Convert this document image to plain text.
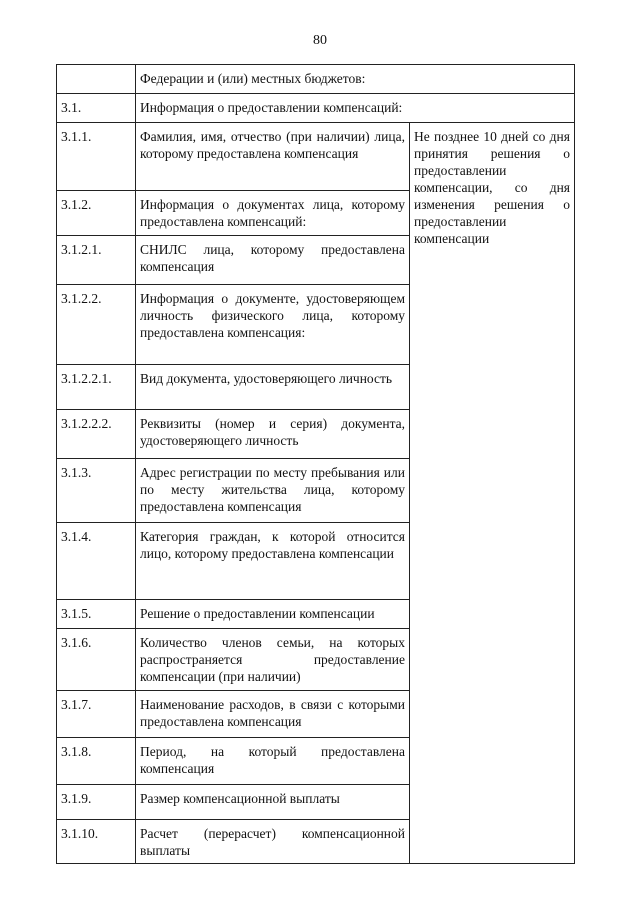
80
	Федерации и (или) местных бюджетов:	
3.1.	Информация о предоставлении компенсаций:	
3.1.1.	Фамилия, имя, отчество (при наличии) лица, которому предоставлена компенсация	Не позднее 10 дней со дня принятия решения о предоставлении компенсации, со дня изменения решения о предоставлении компенсации
3.1.2.	Информация о документах лица, которому предоставлена компенсаций:	
3.1.2.1.	СНИЛС лица, которому предоставлена компенсация	
3.1.2.2.	Информация о документе, удостоверяющем личность физического лица, которому предоставлена компенсация:	
3.1.2.2.1.	Вид документа, удостоверяющего личность	
3.1.2.2.2.	Реквизиты (номер и серия) документа, удостоверяющего личность	
3.1.3.	Адрес регистрации по месту пребывания или по месту жительства лица, которому предоставлена компенсация	
3.1.4.	Категория граждан, к которой относится лицо, которому предоставлена компенсации	
3.1.5.	Решение о предоставлении компенсации	
3.1.6.	Количество членов семьи, на которых распространяется предоставление компенсации (при наличии)	
3.1.7.	Наименование расходов, в связи с которыми предоставлена компенсация	
3.1.8.	Период, на который предоставлена компенсация	
3.1.9.	Размер компенсационной выплаты	
3.1.10.	Расчет (перерасчет) компенсационной выплаты	
